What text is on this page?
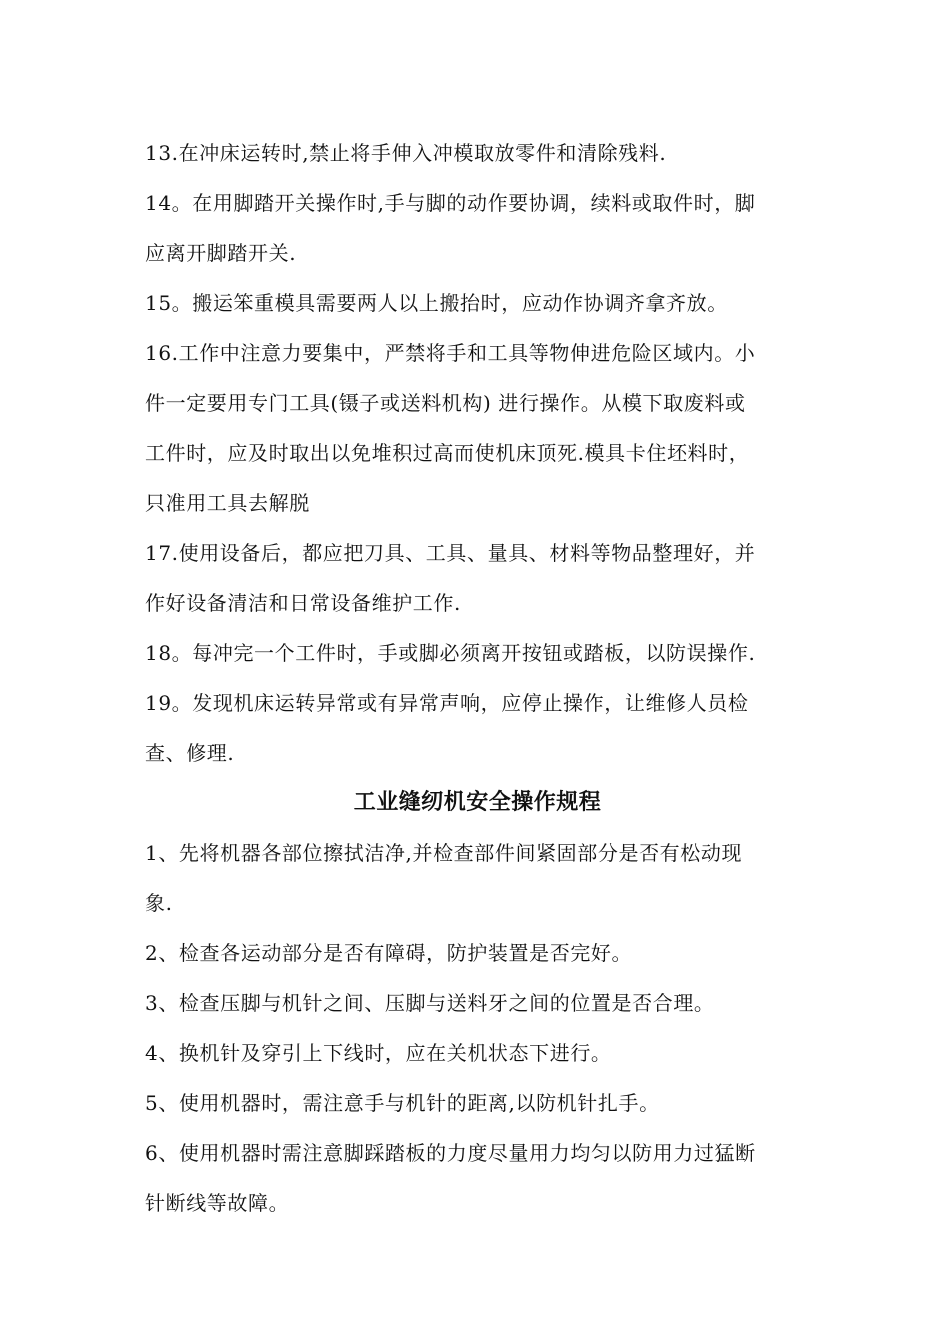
13.在冲床运转时,禁止将手伸入冲模取放零件和清除残料.
14。在用脚踏开关操作时,手与脚的动作要协调，续料或取件时，脚
应离开脚踏开关.
15。搬运笨重模具需要两人以上搬抬时，应动作协调齐拿齐放。
16.工作中注意力要集中，严禁将手和工具等物伸进危险区域内。小
件一定要用专门工具(镊子或送料机构) 进行操作。从模下取废料或
工件时，应及时取出以免堆积过高而使机床顶死.模具卡住坯料时，
只准用工具去解脱
17.使用设备后，都应把刀具、工具、量具、材料等物品整理好，并
作好设备清洁和日常设备维护工作.
18。每冲完一个工件时，手或脚必须离开按钮或踏板，以防误操作.
19。发现机床运转异常或有异常声响，应停止操作，让维修人员检
查、修理.
工业缝纫机安全操作规程
1、先将机器各部位擦拭洁净,并检查部件间紧固部分是否有松动现
象.
2、检查各运动部分是否有障碍，防护装置是否完好。
3、检查压脚与机针之间、压脚与送料牙之间的位置是否合理。
4、换机针及穿引上下线时，应在关机状态下进行。
5、使用机器时，需注意手与机针的距离,以防机针扎手。
6、使用机器时需注意脚踩踏板的力度尽量用力均匀以防用力过猛断
针断线等故障。
